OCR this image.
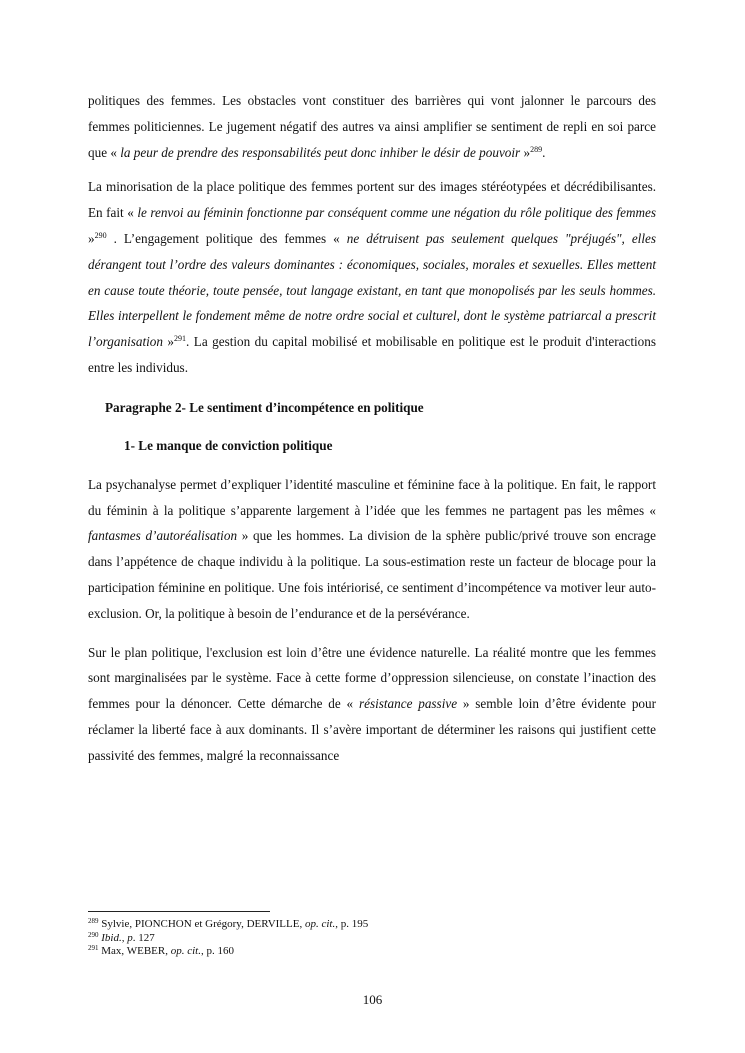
politiques des femmes. Les obstacles vont constituer des barrières qui vont jalonner le parcours des femmes politiciennes. Le jugement négatif des autres va ainsi amplifier se sentiment de repli en soi parce que « la peur de prendre des responsabilités peut donc inhiber le désir de pouvoir »$^{289}$.

La minorisation de la place politique des femmes portent sur des images stéréotypées et décrédibilisantes. En fait « le renvoi au féminin fonctionne par conséquent comme une négation du rôle politique des femmes »$^{290}$ . L’engagement politique des femmes « ne détruisent pas seulement quelques "préjugés", elles dérangent tout l’ordre des valeurs dominantes : économiques, sociales, morales et sexuelles. Elles mettent en cause toute théorie, toute pensée, tout langage existant, en tant que monopolisés par les seuls hommes. Elles interpellent le fondement même de notre ordre social et culturel, dont le système patriarcal a prescrit l’organisation »$^{291}$. La gestion du capital mobilisé et mobilisable en politique est le produit d'interactions entre les individus.

Paragraphe 2- Le sentiment d’incompétence en politique
1- Le manque de conviction politique

La psychanalyse permet d’expliquer l’identité masculine et féminine face à la politique. En fait, le rapport du féminin à la politique s’apparente largement à l’idée que les femmes ne partagent pas les mêmes « fantasmes d’autoréalisation » que les hommes. La division de la sphère public/privé trouve son encrage dans l’appétence de chaque individu à la politique. La sous-estimation reste un facteur de blocage pour la participation féminine en politique. Une fois intériorisé, ce sentiment d’incompétence va motiver leur auto-exclusion. Or, la politique à besoin de l’endurance et de la persévérance.

Sur le plan politique, l'exclusion est loin d’être une évidence naturelle. La réalité montre que les femmes sont marginalisées par le système. Face à cette forme d’oppression silencieuse, on constate l’inaction des femmes pour la dénoncer. Cette démarche de « résistance passive » semble loin d’être évidente pour réclamer la liberté face à aux dominants. Il s’avère important de déterminer les raisons qui justifient cette passivité des femmes, malgré la reconnaissance

$^{289}$ Sylvie, PIONCHON et Grégory, DERVILLE, op. cit., p. 195
$^{290}$ Ibid., p. 127
$^{291}$ Max, WEBER, op. cit., p. 160
106
